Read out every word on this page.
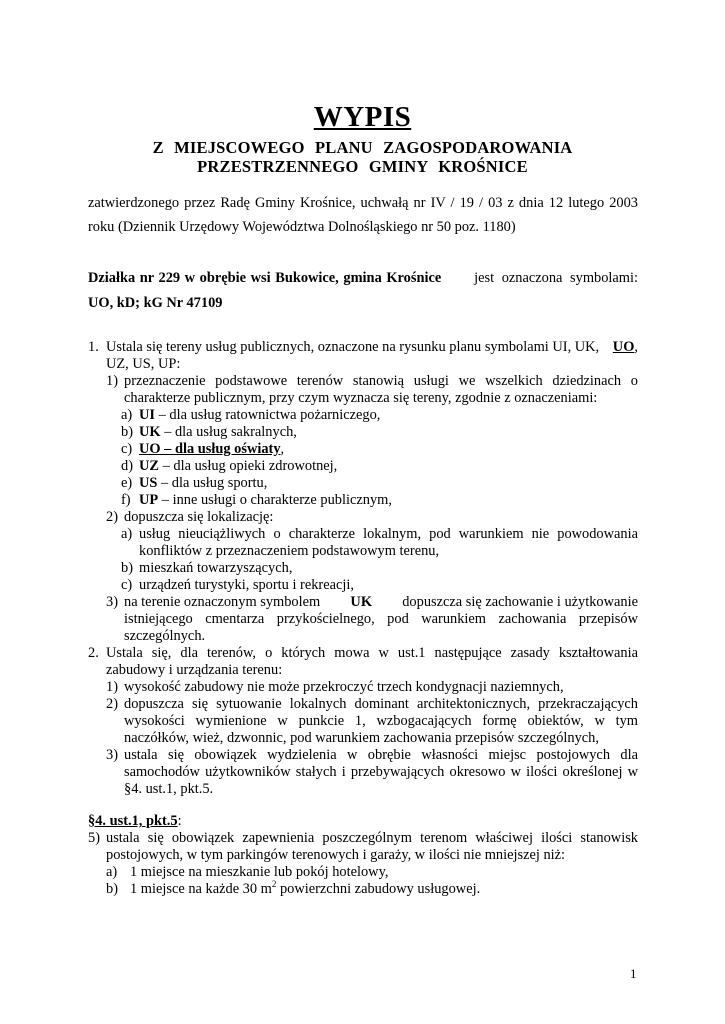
WYPIS
Z MIEJSCOWEGO PLANU ZAGOSPODAROWANIA
PRZESTRZENNEGO GMINY KROŚNICE
zatwierdzonego przez Radę Gminy Krośnice, uchwałą nr IV / 19 / 03 z dnia 12 lutego 2003
roku (Dziennik Urzędowy Województwa Dolnośląskiego nr 50 poz. 1180)
Działka nr 229 w obrębie wsi Bukowice, gmina Krośnice jest oznaczona symbolami:
UO, kD; kG Nr 47109
1. Ustala się tereny usług publicznych, oznaczone na rysunku planu symbolami UI, UK, UO,
UZ, US, UP:
1) przeznaczenie podstawowe terenów stanowią usługi we wszelkich dziedzinach o
charakterze publicznym, przy czym wyznacza się tereny, zgodnie z oznaczeniami:
a) UI – dla usług ratownictwa pożarniczego,
b) UK – dla usług sakralnych,
c) UO – dla usług oświaty,
d) UZ – dla usług opieki zdrowotnej,
e) US – dla usług sportu,
f) UP – inne usługi o charakterze publicznym,
2) dopuszcza się lokalizację:
a) usług nieuciążliwych o charakterze lokalnym, pod warunkiem nie powodowania
konfliktów z przeznaczeniem podstawowym terenu,
b) mieszkań towarzyszących,
c) urządzeń turystyki, sportu i rekreacji,
3) na terenie oznaczonym symbolem UK dopuszcza się zachowanie i użytkowanie
istniejącego cmentarza przykościelnego, pod warunkiem zachowania przepisów
szczególnych.
2. Ustala się, dla terenów, o których mowa w ust.1 następujące zasady kształtowania
zabudowy i urządzania terenu:
1) wysokość zabudowy nie może przekroczyć trzech kondygnacji naziemnych,
2) dopuszcza się sytuowanie lokalnych dominant architektonicznych, przekraczających
wysokości wymienione w punkcie 1, wzbogacających formę obiektów, w tym
naczółków, wież, dzwonnic, pod warunkiem zachowania przepisów szczególnych,
3) ustala się obowiązek wydzielenia w obrębie własności miejsc postojowych dla
samochodów użytkowników stałych i przebywających okresowo w ilości określonej w
§4. ust.1, pkt.5.
§4. ust.1, pkt.5:
5) ustala się obowiązek zapewnienia poszczególnym terenom właściwej ilości stanowisk
postojowych, w tym parkingów terenowych i garaży, w ilości nie mniejszej niż:
a) 1 miejsce na mieszkanie lub pokój hotelowy,
b) 1 miejsce na każde 30 $m^2$ powierzchni zabudowy usługowej.
1
